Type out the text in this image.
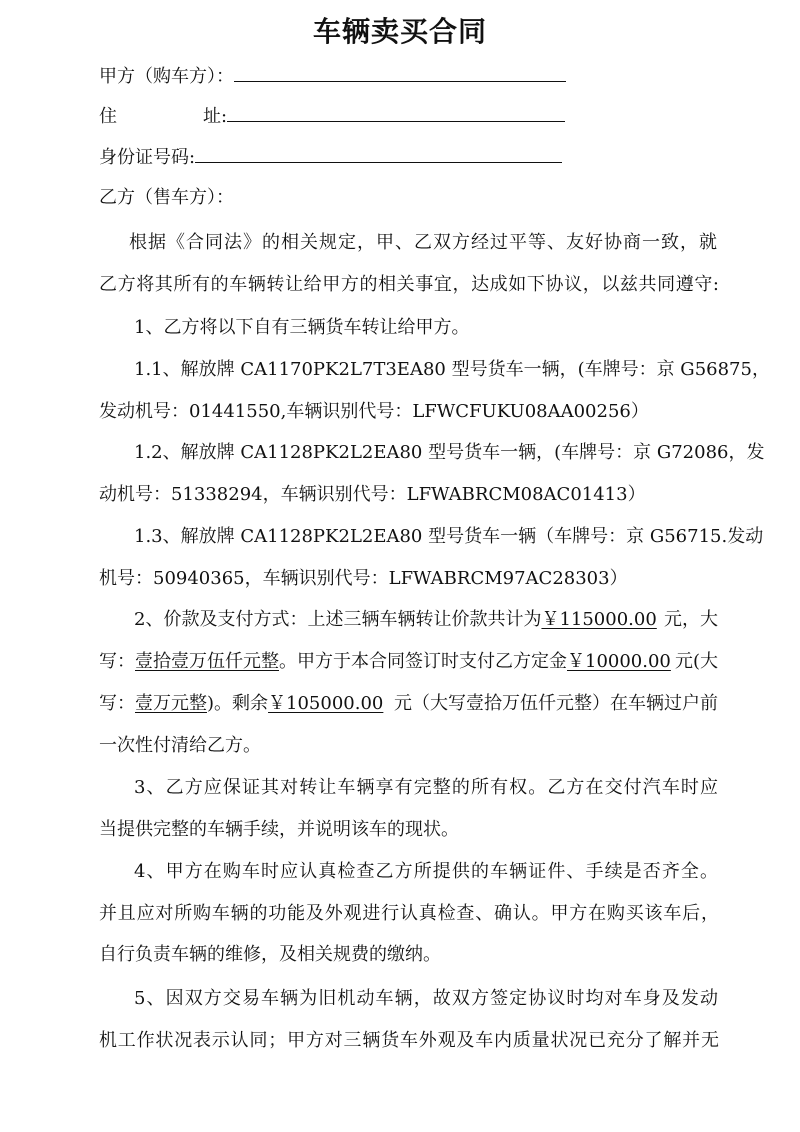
车辆卖买合同
甲方（购车方）：
住	址:
身份证号码:
乙方（售车方）：
根据《合同法》的相关规定，甲、乙双方经过平等、友好协商一致，就
乙方将其所有的车辆转让给甲方的相关事宜，达成如下协议，以兹共同遵守:
1、乙方将以下自有三辆货车转让给甲方。
1.1、解放牌 CA1170PK2L7T3EA80 型号货车一辆，(车牌号：京 G56875，
发动机号：01441550,车辆识别代号：LFWCFUKU08AA00256）
1.2、解放牌 CA1128PK2L2EA80 型号货车一辆，(车牌号：京 G72086，发
动机号：51338294，车辆识别代号：LFWABRCM08AC01413）
1.3、解放牌 CA1128PK2L2EA80 型号货车一辆（车牌号：京 G56715.发动
机号：50940365，车辆识别代号：LFWABRCM97AC28303）
2、价款及支付方式：上述三辆车辆转让价款共计为￥115000.00 元，大
写：壹拾壹万伍仟元整。甲方于本合同签订时支付乙方定金￥10000.00 元(大
写：壹万元整)。剩余￥105000.00 元（大写壹拾万伍仟元整）在车辆过户前
一次性付清给乙方。
3、乙方应保证其对转让车辆享有完整的所有权。乙方在交付汽车时应
当提供完整的车辆手续，并说明该车的现状。
4、甲方在购车时应认真检查乙方所提供的车辆证件、手续是否齐全。
并且应对所购车辆的功能及外观进行认真检查、确认。甲方在购买该车后，
自行负责车辆的维修，及相关规费的缴纳。
5、因双方交易车辆为旧机动车辆，故双方签定协议时均对车身及发动
机工作状况表示认同；甲方对三辆货车外观及车内质量状况已充分了解并无
